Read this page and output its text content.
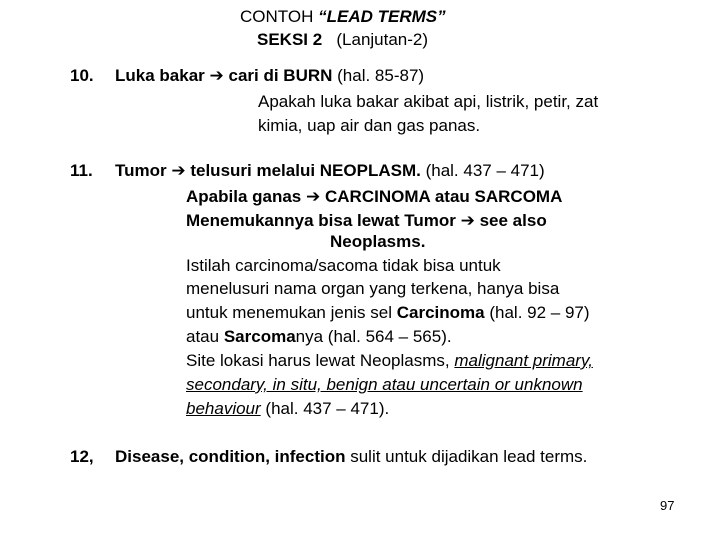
CONTOH “LEAD TERMS”
SEKSI 2 (Lanjutan-2)
10. Luka bakar ➔ cari di BURN (hal. 85-87)
Apakah luka bakar akibat api, listrik, petir, zat
kimia, uap air dan gas panas.
11. Tumor ➔ telusuri melalui NEOPLASM. (hal. 437 – 471)
Apabila ganas ➔ CARCINOMA atau SARCOMA
Menemukannya bisa lewat Tumor ➔ see also
Neoplasms.
Istilah carcinoma/sacoma tidak bisa untuk
menelusuri nama organ yang terkena, hanya bisa
untuk menemukan jenis sel Carcinoma (hal. 92 – 97)
atau Sarcomanya (hal. 564 – 565).
Site lokasi harus lewat Neoplasms, malignant primary,
secondary, in situ, benign atau uncertain or unknown
behaviour (hal. 437 – 471).
12, Disease, condition, infection sulit untuk dijadikan lead terms.
97
